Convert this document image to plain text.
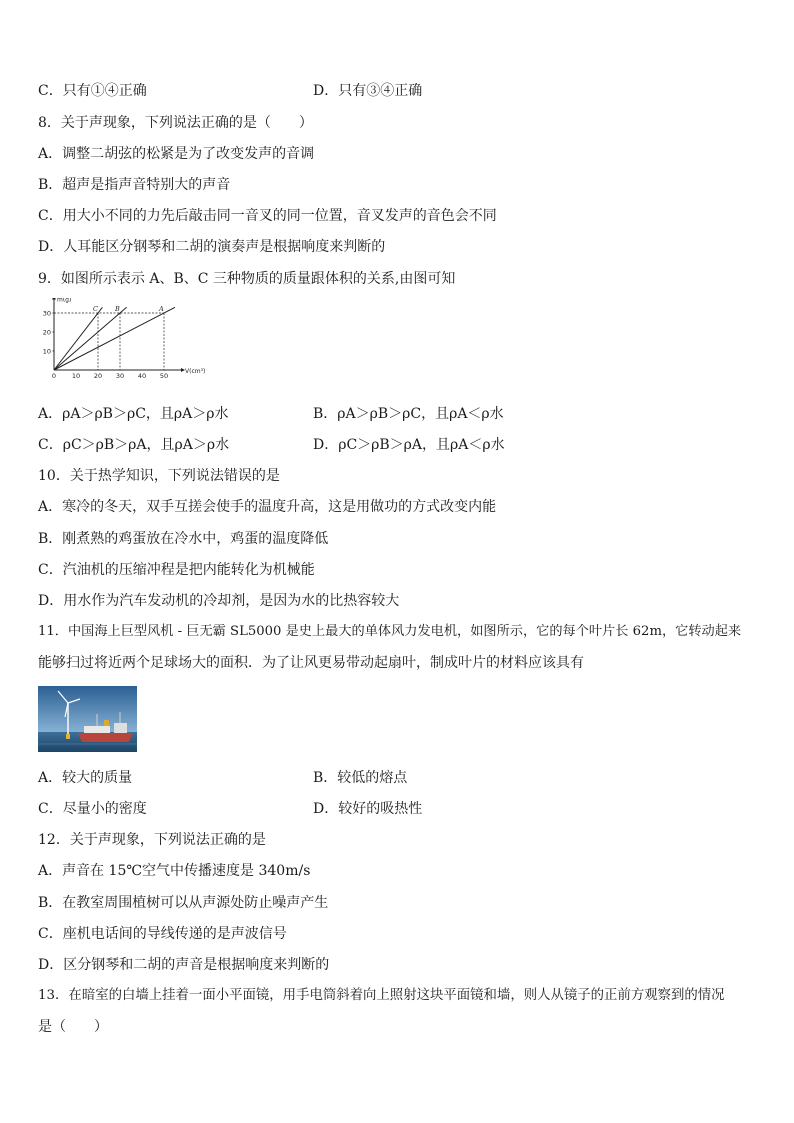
C．只有①④正确	D．只有③④正确
8．关于声现象，下列说法正确的是（　　）
A．调整二胡弦的松紧是为了改变发声的音调
B．超声是指声音特别大的声音
C．用大小不同的力先后敲击同一音叉的同一位置，音叉发声的音色会不同
D．人耳能区分钢琴和二胡的演奏声是根据响度来判断的
9．如图所示表示 A、B、C 三种物质的质量跟体积的关系,由图可知
m(g)
V(cm³)
0 10 20 30 40 50
10
20
30
C	B	A
A．ρA＞ρB＞ρC，且ρA＞ρ水	B．ρA＞ρB＞ρC，且ρA＜ρ水
C．ρC＞ρB＞ρA，且ρA＞ρ水	D．ρC＞ρB＞ρA，且ρA＜ρ水
10．关于热学知识，下列说法错误的是
A．寒冷的冬天，双手互搓会使手的温度升高，这是用做功的方式改变内能
B．刚煮熟的鸡蛋放在冷水中，鸡蛋的温度降低
C．汽油机的压缩冲程是把内能转化为机械能
D．用水作为汽车发动机的冷却剂，是因为水的比热容较大
11．中国海上巨型风机 - 巨无霸 SL5000 是史上最大的单体风力发电机，如图所示，它的每个叶片长 62m，它转动起来
能够扫过将近两个足球场大的面积．为了让风更易带动起扇叶，制成叶片的材料应该具有
A．较大的质量	B．较低的熔点
C．尽量小的密度	D．较好的吸热性
12．关于声现象，下列说法正确的是
A．声音在 15℃空气中传播速度是 340m/s
B．在教室周围植树可以从声源处防止噪声产生
C．座机电话间的导线传递的是声波信号
D．区分钢琴和二胡的声音是根据响度来判断的
13．在暗室的白墙上挂着一面小平面镜，用手电筒斜着向上照射这块平面镜和墙，则人从镜子的正前方观察到的情况
是（　　）
